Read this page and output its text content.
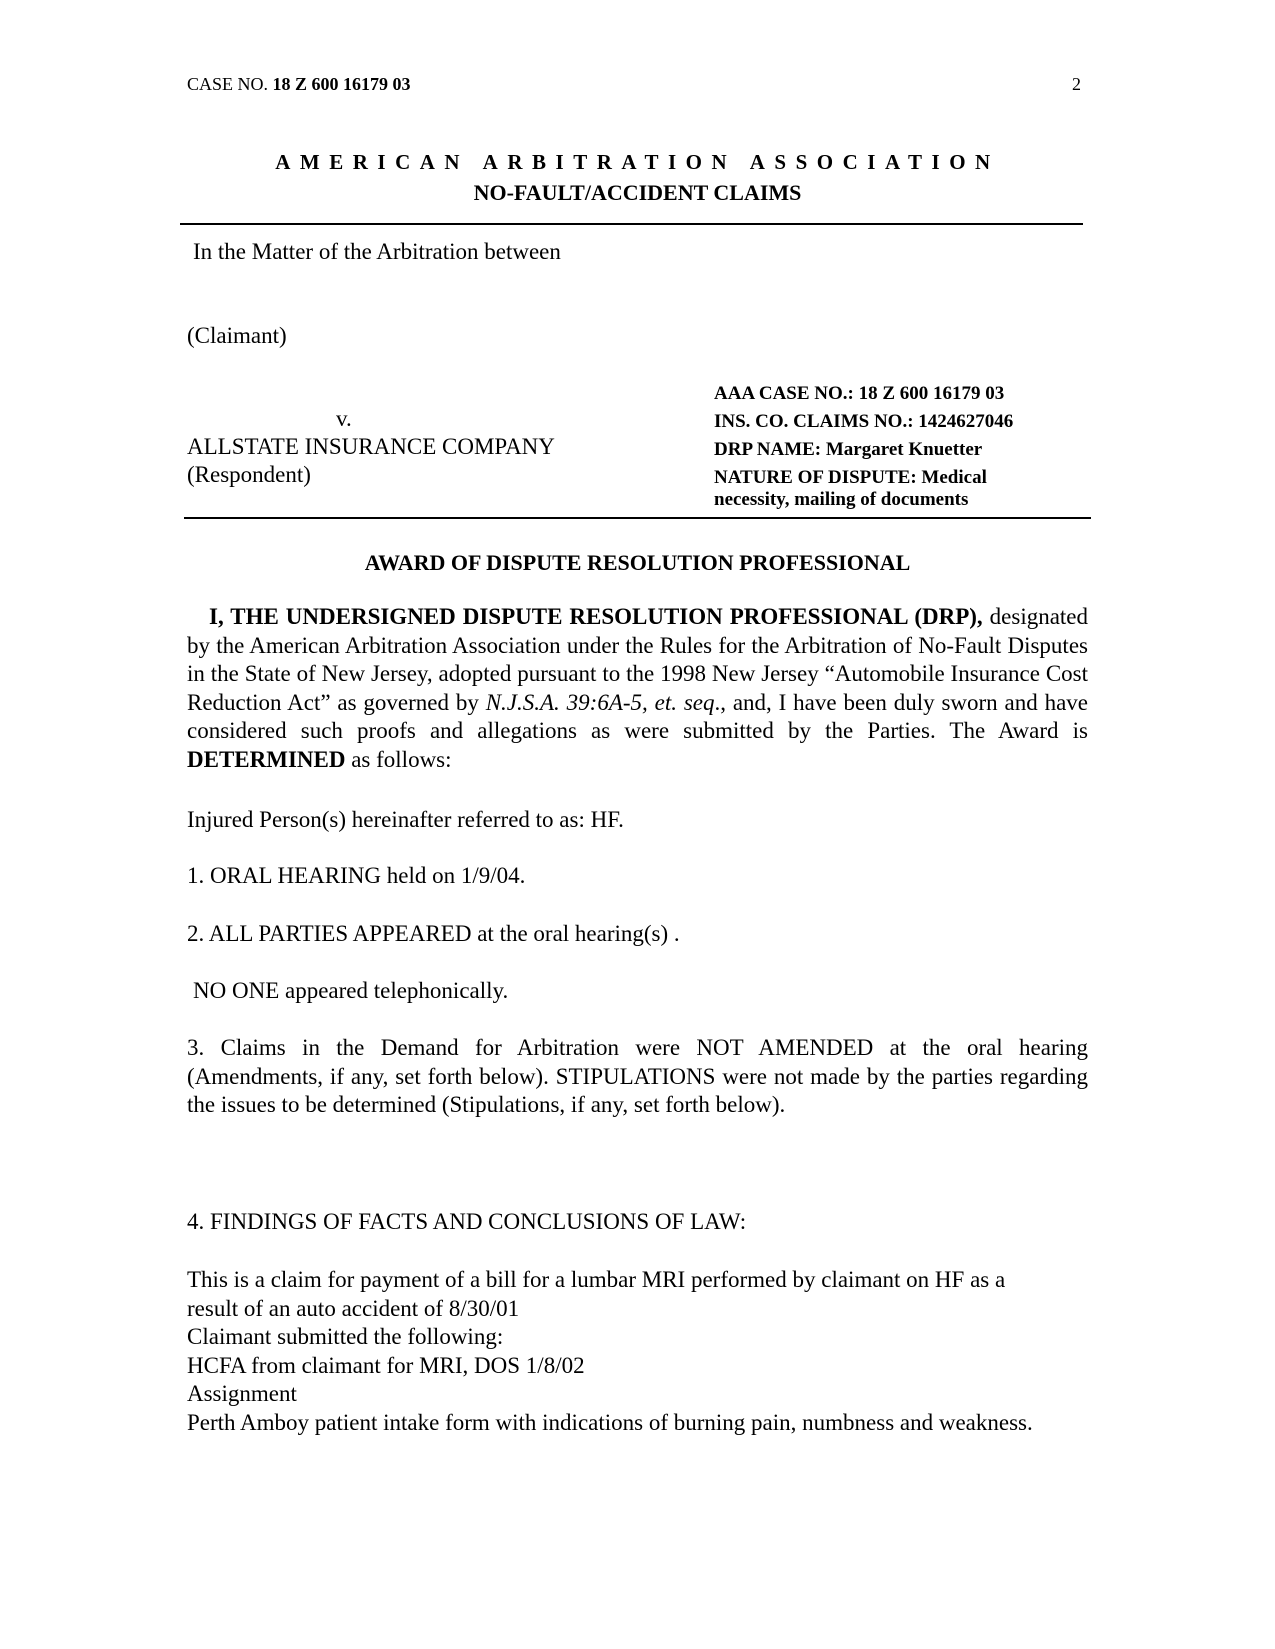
CASE NO. 18 Z 600 16179 03	2
AMERICAN ARBITRATION ASSOCIATION
NO-FAULT/ACCIDENT CLAIMS
In the Matter of the Arbitration between
(Claimant)
v.
ALLSTATE INSURANCE COMPANY
(Respondent)
AAA CASE NO.: 18 Z 600 16179 03
INS. CO. CLAIMS NO.: 1424627046
DRP NAME: Margaret Knuetter
NATURE OF DISPUTE: Medical
necessity, mailing of documents
AWARD OF DISPUTE RESOLUTION PROFESSIONAL
I, THE UNDERSIGNED DISPUTE RESOLUTION PROFESSIONAL (DRP), designated by the American Arbitration Association under the Rules for the Arbitration of No-Fault Disputes in the State of New Jersey, adopted pursuant to the 1998 New Jersey “Automobile Insurance Cost Reduction Act” as governed by N.J.S.A. 39:6A-5, et. seq., and, I have been duly sworn and have considered such proofs and allegations as were submitted by the Parties. The Award is DETERMINED as follows:
Injured Person(s) hereinafter referred to as: HF.
1. ORAL HEARING held on 1/9/04.
2. ALL PARTIES APPEARED at the oral hearing(s) .
NO ONE appeared telephonically.
3. Claims in the Demand for Arbitration were NOT AMENDED at the oral hearing (Amendments, if any, set forth below). STIPULATIONS were not made by the parties regarding the issues to be determined (Stipulations, if any, set forth below).
4. FINDINGS OF FACTS AND CONCLUSIONS OF LAW:
This is a claim for payment of a bill for a lumbar MRI performed by claimant on HF as a
result of an auto accident of 8/30/01
Claimant submitted the following:
HCFA from claimant for MRI, DOS 1/8/02
Assignment
Perth Amboy patient intake form with indications of burning pain, numbness and weakness.
